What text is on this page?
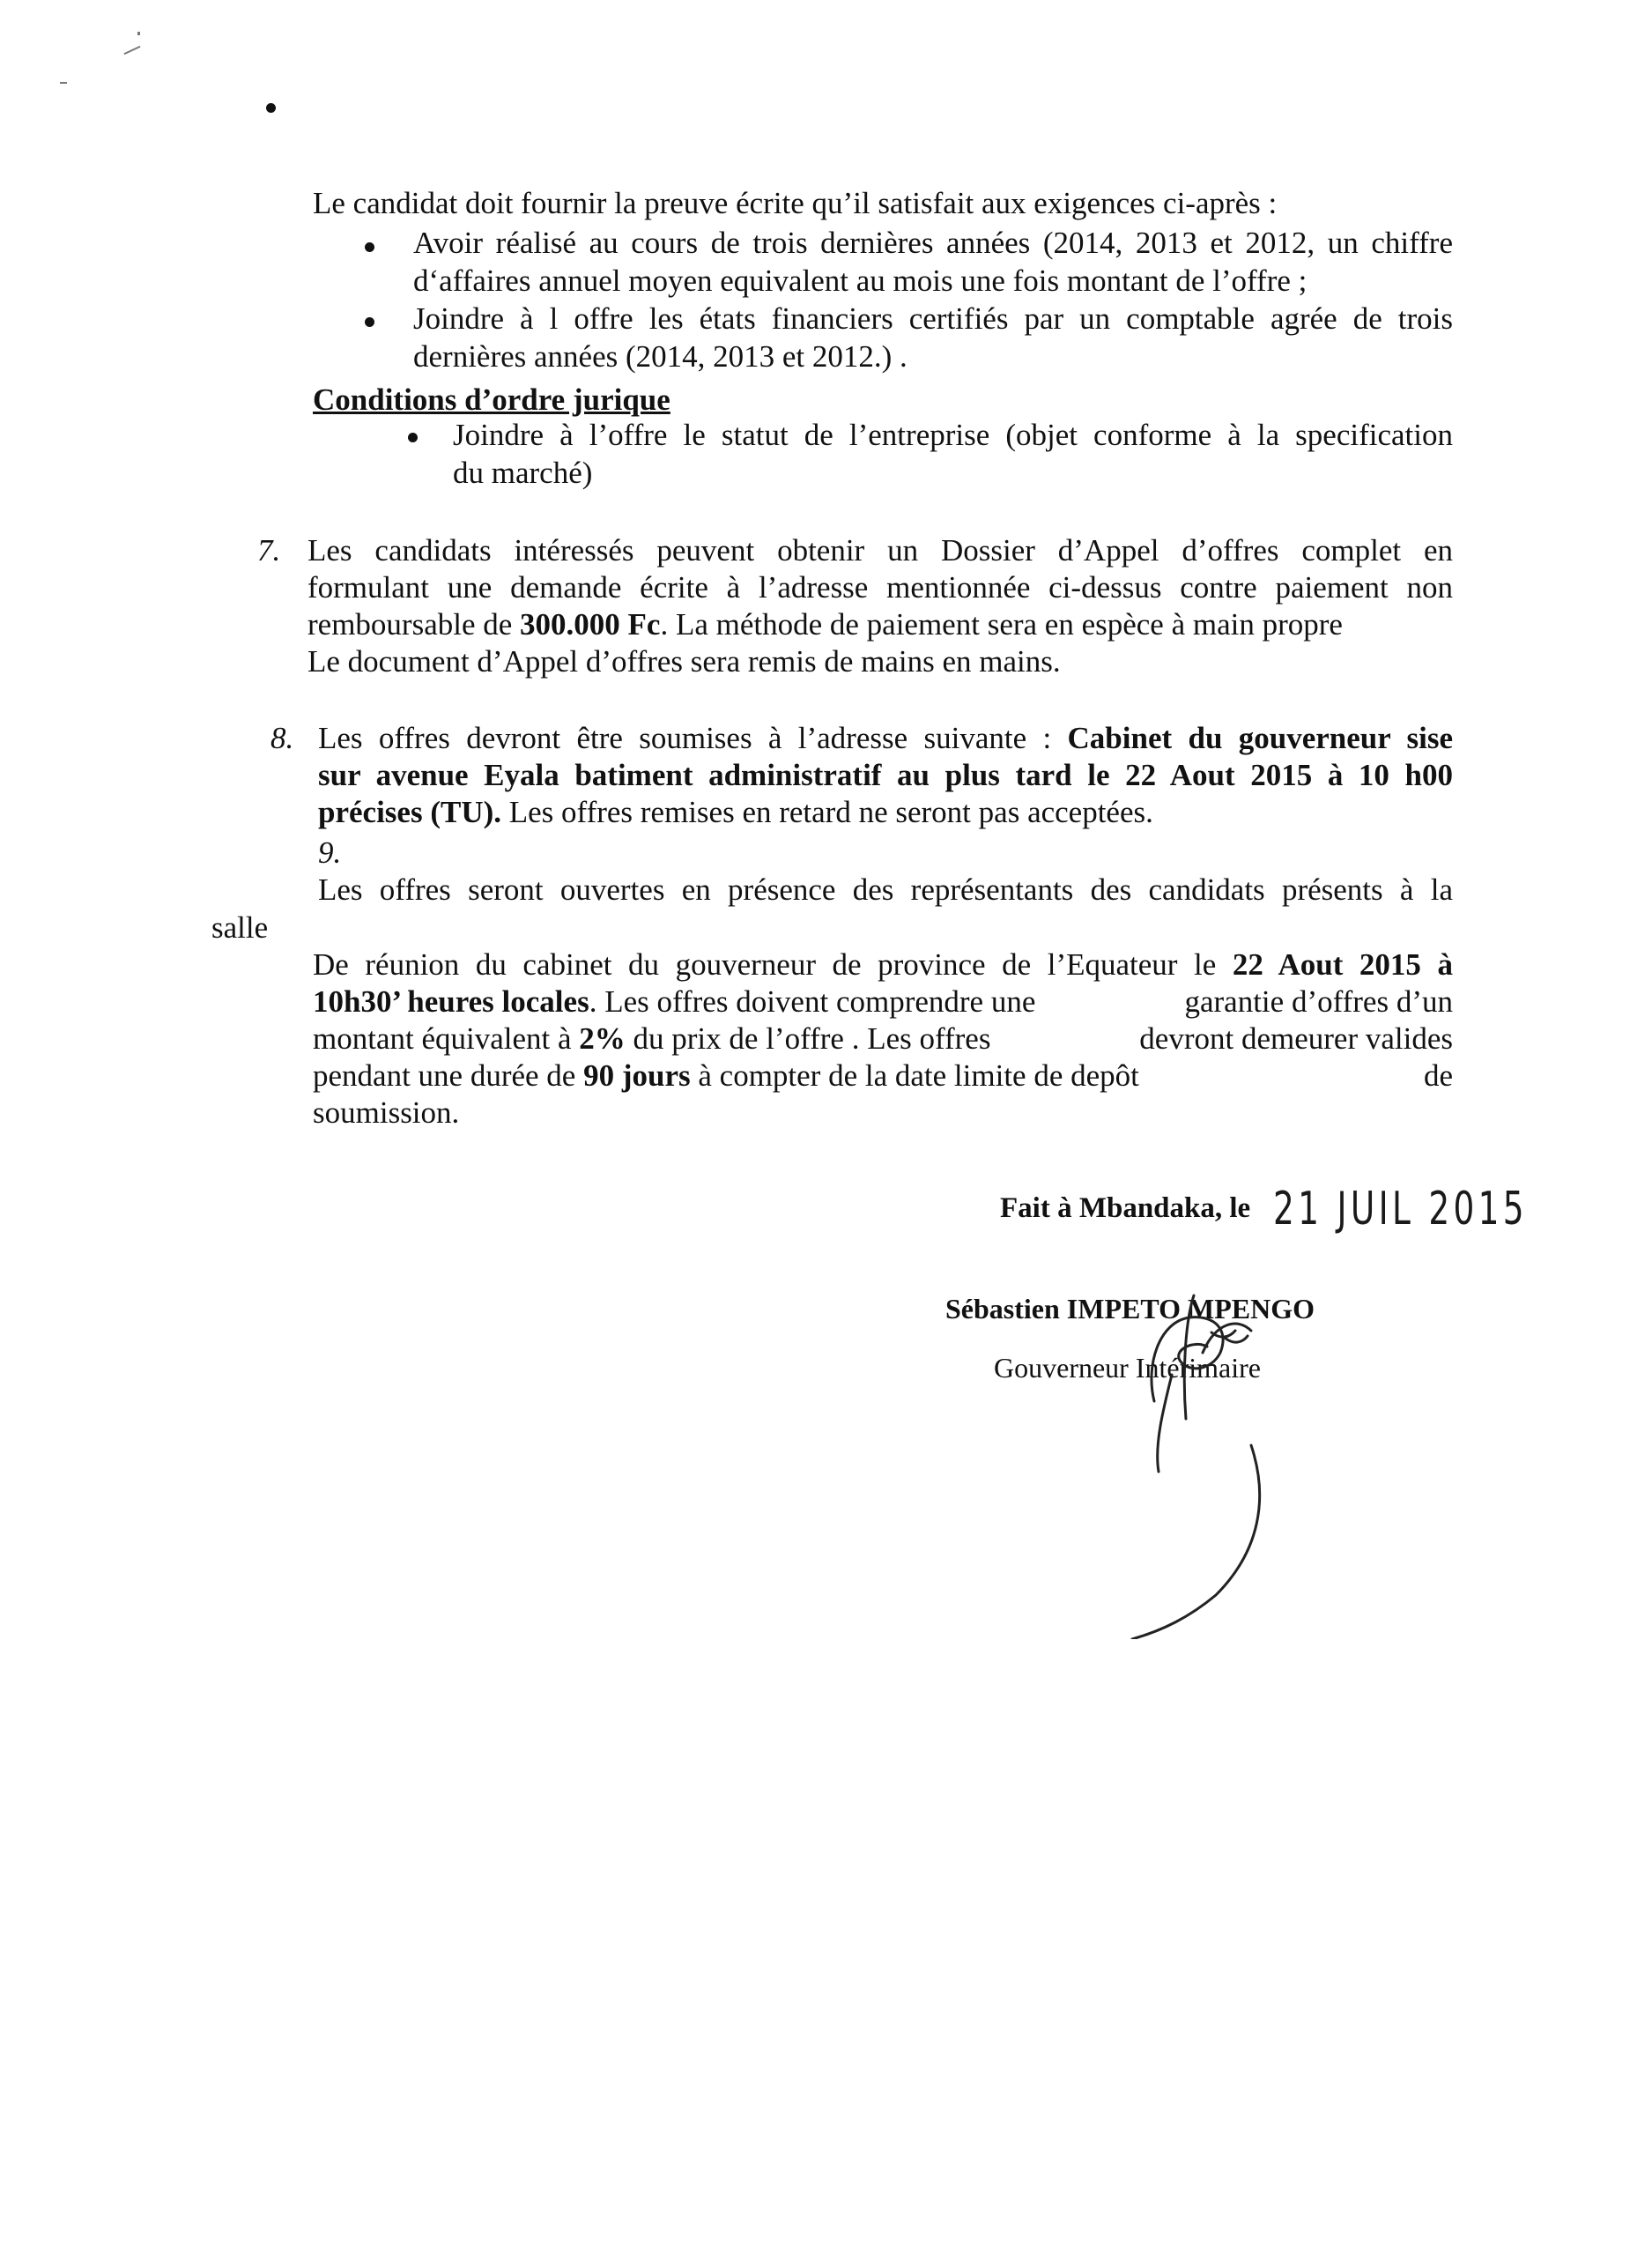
Le candidat doit fournir la preuve écrite qu’il satisfait aux exigences ci-après :
Avoir réalisé au cours de trois dernières années (2014, 2013 et 2012, un chiffre
d‘affaires annuel moyen equivalent au mois une fois montant de l’offre ;
Joindre à l offre les états financiers certifiés par un comptable agrée de trois
dernières années (2014, 2013 et 2012.) .
Conditions d’ordre jurique
Joindre à l’offre le statut de l’entreprise (objet conforme à la specification
du marché)
7. Les candidats intéressés peuvent obtenir un Dossier d’Appel d’offres complet en
formulant une demande écrite à l’adresse mentionnée ci-dessus contre paiement non
remboursable de 300.000 Fc. La méthode de paiement sera en espèce à main propre
Le document d’Appel d’offres sera remis de mains en mains.
8. Les offres devront être soumises à l’adresse suivante : Cabinet du gouverneur sise
sur avenue Eyala batiment administratif au plus tard le 22 Aout 2015 à 10 h00
précises (TU). Les offres remises en retard ne seront pas acceptées.
9.
Les offres seront ouvertes en présence des représentants des candidats présents à la
salle
De réunion du cabinet du gouverneur de province de l’Equateur le 22 Aout 2015 à
10h30’ heures locales. Les offres doivent comprendre une	garantie d’offres d’un
montant équivalent à 2% du prix de l’offre . Les offres	devront demeurer valides
pendant une durée de 90 jours à compter de la date limite de depôt	de
soumission.
Fait à Mbandaka, le 21 JUIL 2015
Sébastien IMPETO MPENGO
Gouverneur Intérimaire
